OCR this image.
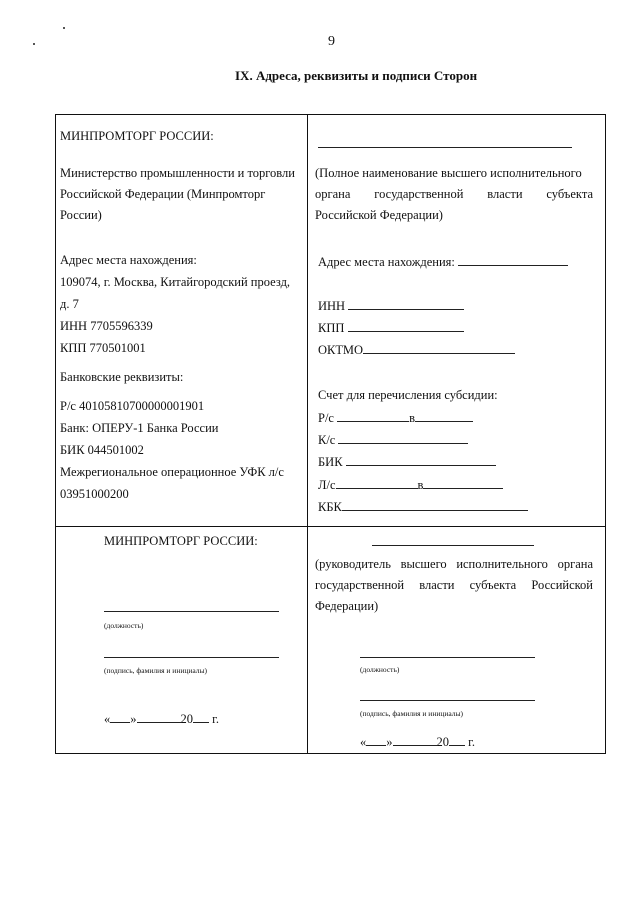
9
IX. Адреса, реквизиты и подписи Сторон
МИНПРОМТОРГ РОССИИ:
Министерство промышленности и торговли
Российской Федерации (Минпромторг
России)
Адрес места нахождения:
109074, г. Москва, Китайгородский проезд,
д. 7
ИНН 7705596339
КПП 770501001
Банковские реквизиты:
Р/с 40105810700000001901
Банк: ОПЕРУ-1 Банка России
БИК 044501002
Межрегиональное операционное УФК л/с
03951000200
(Полное наименование высшего исполнительного
органа государственной власти субъекта
Российской Федерации)
Адрес места нахождения:
ИНН
КПП
ОКТМО
Счет для перечисления субсидии:
Р/с	в
К/с
БИК
Л/с	в
КБК
МИНПРОМТОРГ РОССИИ:
(должность)
(подпись, фамилия и инициалы)
« »	20 г.
(руководитель высшего исполнительного органа
государственной власти субъекта Российской
Федерации)
(должность)
(подпись, фамилия и инициалы)
« »	20 г.
